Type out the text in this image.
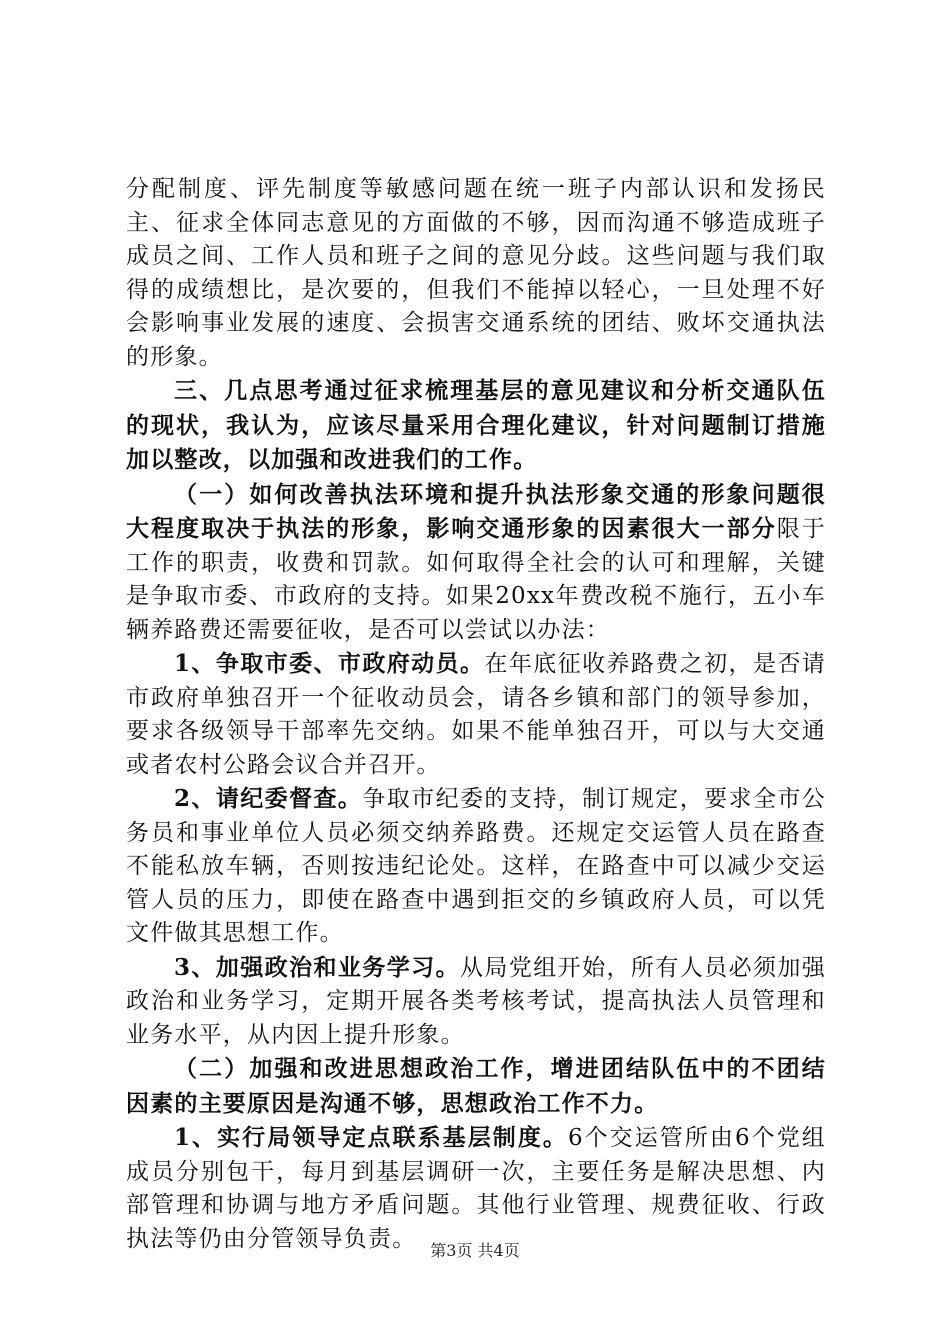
分配制度、评先制度等敏感问题在统一班子内部认识和发扬民主、征求全体同志意见的方面做的不够，因而沟通不够造成班子成员之间、工作人员和班子之间的意见分歧。这些问题与我们取得的成绩想比，是次要的，但我们不能掉以轻心，一旦处理不好会影响事业发展的速度、会损害交通系统的团结、败坏交通执法的形象。

三、几点思考通过征求梳理基层的意见建议和分析交通队伍的现状，我认为，应该尽量采用合理化建议，针对问题制订措施加以整改，以加强和改进我们的工作。

（一）如何改善执法环境和提升执法形象交通的形象问题很大程度取决于执法的形象，影响交通形象的因素很大一部分限于工作的职责，收费和罚款。如何取得全社会的认可和理解，关键是争取市委、市政府的支持。如果20xx年费改税不施行，五小车辆养路费还需要征收，是否可以尝试以办法：

1、争取市委、市政府动员。在年底征收养路费之初，是否请市政府单独召开一个征收动员会，请各乡镇和部门的领导参加，要求各级领导干部率先交纳。如果不能单独召开，可以与大交通或者农村公路会议合并召开。

2、请纪委督查。争取市纪委的支持，制订规定，要求全市公务员和事业单位人员必须交纳养路费。还规定交运管人员在路查不能私放车辆，否则按违纪论处。这样，在路查中可以减少交运管人员的压力，即使在路查中遇到拒交的乡镇政府人员，可以凭文件做其思想工作。

3、加强政治和业务学习。从局党组开始，所有人员必须加强政治和业务学习，定期开展各类考核考试，提高执法人员管理和业务水平，从内因上提升形象。

（二）加强和改进思想政治工作，增进团结队伍中的不团结因素的主要原因是沟通不够，思想政治工作不力。

1、实行局领导定点联系基层制度。6个交运管所由6个党组成员分别包干，每月到基层调研一次，主要任务是解决思想、内部管理和协调与地方矛盾问题。其他行业管理、规费征收、行政执法等仍由分管领导负责。 第3页 共4页
